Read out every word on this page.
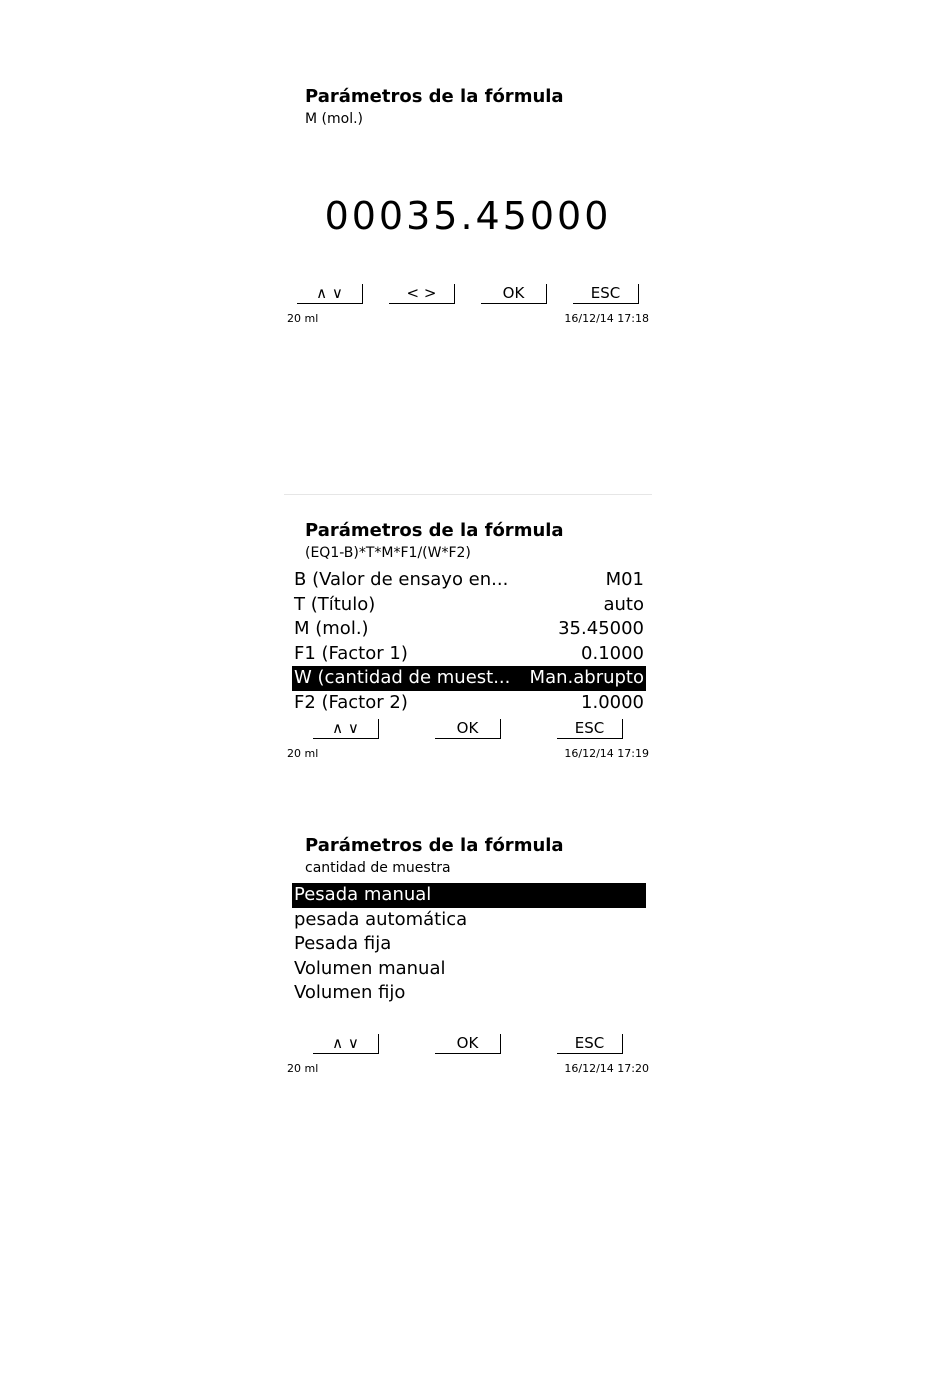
Parámetros de la fórmula
M (mol.)
00035.45000
∧ ∨	< >	OK	ESC
20 ml	16/12/14 17:18
Parámetros de la fórmula
(EQ1-B)*T*M*F1/(W*F2)
B (Valor de ensayo en...	M01
T (Título)	auto
M (mol.)	35.45000
F1 (Factor 1)	0.1000
W (cantidad de muest... Man.abrupto
F2 (Factor 2)	1.0000
∧ ∨	OK	ESC
20 ml	16/12/14 17:19
Parámetros de la fórmula
cantidad de muestra
Pesada manual
pesada automática
Pesada fija
Volumen manual
Volumen fijo
∧ ∨	OK	ESC
20 ml	16/12/14 17:20
